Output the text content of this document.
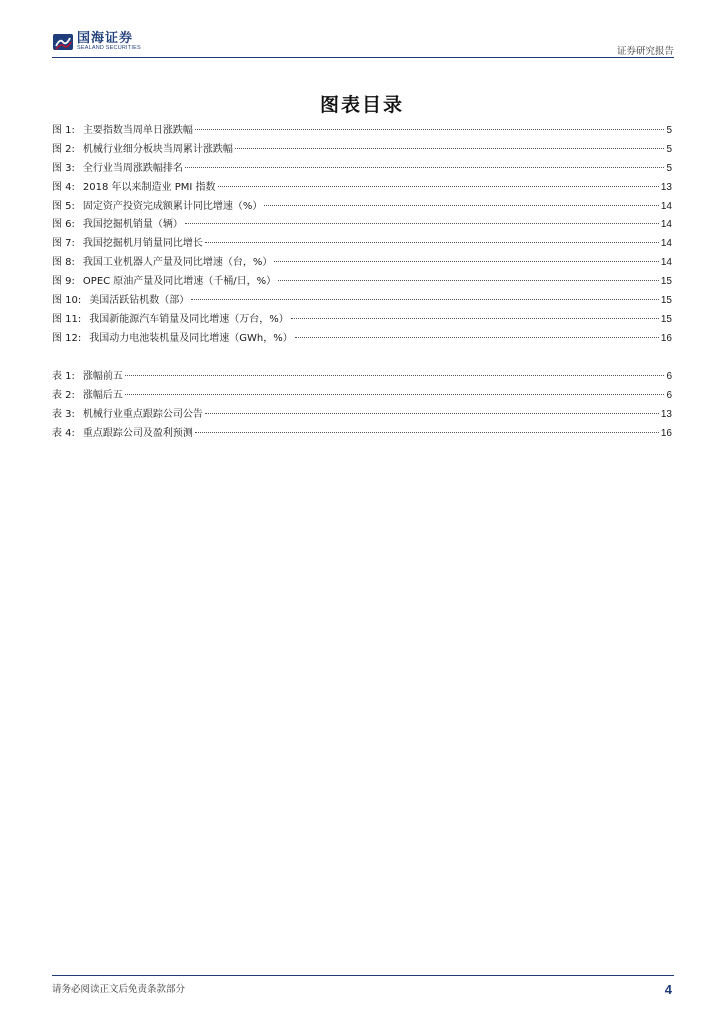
国海证券
SEALAND SECURITIES	证券研究报告
图表目录
图 1: 主要指数当周单日涨跌幅	5
图 2: 机械行业细分板块当周累计涨跌幅	5
图 3: 全行业当周涨跌幅排名	5
图 4: 2018 年以来制造业 PMI 指数	13
图 5: 固定资产投资完成额累计同比增速（%）	14
图 6: 我国挖掘机销量（辆）	14
图 7: 我国挖掘机月销量同比增长	14
图 8: 我国工业机器人产量及同比增速（台，%）	14
图 9: OPEC 原油产量及同比增速（千桶/日，%）	15
图 10: 美国活跃钻机数（部）	15
图 11: 我国新能源汽车销量及同比增速（万台，%）	15
图 12: 我国动力电池装机量及同比增速（GWh，%）	16
表 1: 涨幅前五	6
表 2: 涨幅后五	6
表 3: 机械行业重点跟踪公司公告	13
表 4: 重点跟踪公司及盈利预测	16
请务必阅读正文后免责条款部分	4
